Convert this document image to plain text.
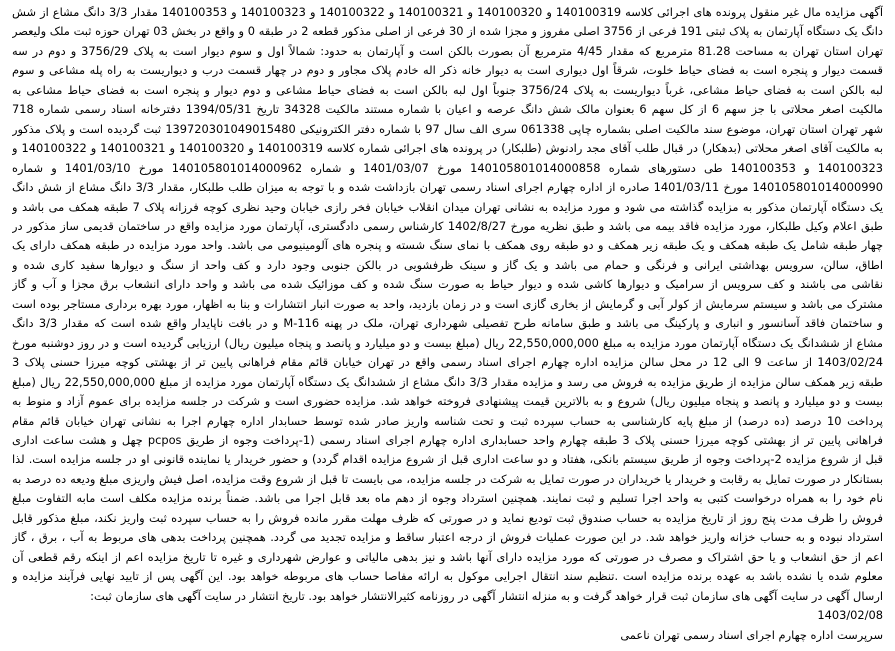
آگهی مزایده مال غیر منقول پرونده های اجرائی کلاسه 140100319 و 140100320 و 140100321 و 140100322 و 140100323 و 140100353 مقدار 3/3 دانگ مشاع از شش
دانگ یک دستگاه آپارتمان به پلاک ثبتی 191 فرعی از 3756 اصلی مفروز و مجزا شده از 30 فرعی از اصلی مذکور قطعه 2 در طبقه 0 و واقع در بخش 03 تهران حوزه ثبت ملک ولیعصر
تهران استان تهران به مساحت 81.28 مترمربع که مقدار 4/45 مترمربع آن بصورت بالکن است و آپارتمان به حدود: شمالاً اول و سوم دیوار است به پلاک 3756/29 و دوم در سه
قسمت دیوار و پنجره است به فضای حیاط خلوت، شرقاً اول دیواری است به دیوار خانه ذکر اله خادم پلاک مجاور و دوم در چهار قسمت درب و دیواریست به راه پله مشاعی و سوم
لبه بالکن است به فضای حیاط مشاعی، غرباً دیواریست به پلاک 3756/24 جنوباً اول لبه بالکن است به فضای حیاط مشاعی و دوم دیوار و پنجره است به فضای حیاط مشاعی به
مالکیت اصغر محلاتی با جز سهم 6 از کل سهم 6 بعنوان مالک شش دانگ عرصه و اعیان با شماره مستند مالکیت 34328 تاریخ 1394/05/31 دفترخانه اسناد رسمی شماره 718
شهر تهران استان تهران، موضوع سند مالکیت اصلی بشماره چاپی 061338 سری الف سال 97 با شماره دفتر الکترونیکی 139720301049015480 ثبت گردیده است و پلاک مذکور
به مالکیت آقای اصغر محلاتی (بدهکار) در قبال طلب آقای مجد رادنوش (طلبکار) در پرونده های اجرائی شماره کلاسه 140100319 و 140100320 و 140100321 و 140100322 و
140100323 و 140100353 طی دستورهای شماره 140105801014000858 مورخ 1401/03/07 و شماره 140105801014000962 مورخ 1401/03/10 و شماره
140105801014000990 مورخ 1401/03/11 صادره از اداره چهارم اجرای اسناد رسمی تهران بازداشت شده و با توجه به میزان طلب طلبکار، مقدار 3/3 دانگ مشاع از شش دانگ
یک دستگاه آپارتمان مذکور به مزایده گذاشته می شود و مورد مزایده به نشانی تهران میدان انقلاب خیابان فخر رازی خیابان وحید نظری کوچه فرزانه پلاک 7 طبقه همکف می باشد و
طبق اعلام وکیل طلبکار، مورد مزایده فاقد بیمه می باشد و طبق نظریه مورخ 1402/8/27 کارشناس رسمی دادگستری، آپارتمان مورد مزایده واقع در ساختمان قدیمی ساز مذکور در
چهار طبقه شامل یک طبقه همکف و یک طبقه زیر همکف و دو طبقه روی همکف با نمای سنگ شسته و پنجره های آلومینیومی می باشد. واحد مورد مزایده در طبقه همکف دارای یک
اطاق، سالن، سرویس بهداشتی ایرانی و فرنگی و حمام می باشد و یک گاز و سینک ظرفشویی در بالکن جنوبی وجود دارد و کف واحد از سنگ و دیوارها سفید کاری شده و
نقاشی می باشند و کف سرویس از سرامیک و دیوارها کاشی شده و دیوار حیاط به صورت سنگ شده و کف موزائیک شده می باشد و واحد دارای انشعاب برق مجزا و آب و گاز
مشترک می باشد و سیستم سرمایش از کولر آبی و گرمایش از بخاری گازی است و در زمان بازدید، واحد به صورت انبار انتشارات و بنا به اظهار، مورد بهره برداری مستاجر بوده است
و ساختمان فاقد آسانسور و انباری و پارکینگ می باشد و طبق سامانه طرح تفصیلی شهرداری تهران، ملک در پهنه M-116 و در بافت ناپایدار واقع شده است که مقدار 3/3 دانگ
مشاع از ششدانگ یک دستگاه آپارتمان مورد مزایده به مبلغ 22,550,000,000 ریال (مبلغ بیست و دو میلیارد و پانصد و پنجاه میلیون ریال) ارزیابی گردیده است و در روز دوشنبه مورخ
1403/02/24 از ساعت 9 الی 12 در محل سالن مزایده اداره چهارم اجرای اسناد رسمی واقع در تهران خیابان قائم مقام فراهانی پایین تر از بهشتی کوچه میرزا حسنی پلاک 3
طبقه زیر همکف سالن مزایده از طریق مزایده به فروش می رسد و مزایده مقدار 3/3 دانگ مشاع از ششدانگ یک دستگاه آپارتمان مورد مزایده از مبلغ 22,550,000,000 ریال (مبلغ
بیست و دو میلیارد و پانصد و پنجاه میلیون ریال) شروع و به بالاترین قیمت پیشنهادی فروخته خواهد شد. مزایده حضوری است و شرکت در جلسه مزایده برای عموم آزاد و منوط به
پرداخت 10 درصد (ده درصد) از مبلغ پایه کارشناسی به حساب سپرده ثبت و تحت شناسه واریز صادر شده توسط حسابدار اداره چهارم اجرا به نشانی تهران خیابان قائم مقام
فراهانی پایین تر از بهشتی کوچه میرزا حسنی پلاک 3 طبقه چهارم واحد حسابداری اداره چهارم اجرای اسناد رسمی (1-پرداخت وجوه از طریق pcpos چهل و هشت ساعت اداری
قبل از شروع مزایده 2-پرداخت وجوه از طریق سیستم بانکی، هفتاد و دو ساعت اداری قبل از شروع مزایده اقدام گردد) و حضور خریدار یا نماینده قانونی او در جلسه مزایده است. لذا
بستانکار در صورت تمایل به رقابت و خریدار یا خریداران در صورت تمایل به شرکت در جلسه مزایده، می بایست تا قبل از شروع وقت مزایده، اصل فیش واریزی مبلغ ودیعه ده درصد به
نام خود را به همراه درخواست کتبی به واحد اجرا تسلیم و ثبت نمایند. همچنین استرداد وجوه از دهم ماه بعد قابل اجرا می باشد. ضمناً برنده مزایده مکلف است مابه التفاوت مبلغ
فروش را ظرف مدت پنج روز از تاریخ مزایده به حساب صندوق ثبت تودیع نماید و در صورتی که ظرف مهلت مقرر مانده فروش را به حساب سپرده ثبت واریز نکند، مبلغ مذکور قابل
استرداد نبوده و به حساب خزانه واریز خواهد شد. در این صورت عملیات فروش از درجه اعتبار ساقط و مزایده تجدید می گردد. همچنین پرداخت بدهی های مربوط به آب ، برق ، گاز
اعم از حق انشعاب و یا حق اشتراک و مصرف در صورتی که مورد مزایده دارای آنها باشد و نیز بدهی مالیاتی و عوارض شهرداری و غیره تا تاریخ مزایده اعم از اینکه رقم قطعی آن
معلوم شده یا نشده باشد به عهده برنده مزایده است .تنظیم سند انتقال اجرایی موکول به ارائه مفاصا حساب های مربوطه خواهد بود. این آگهی پس از تایید نهایی فرآیند مزایده و
ارسال آگهی در سایت آگهی های سازمان ثبت قرار خواهد گرفت و به منزله انتشار آگهی در روزنامه کثیرالانتشار خواهد بود. تاریخ انتشار در سایت آگهی های سازمان ثبت:
1403/02/08
سرپرست اداره چهارم اجرای اسناد رسمی تهران ناعمی
